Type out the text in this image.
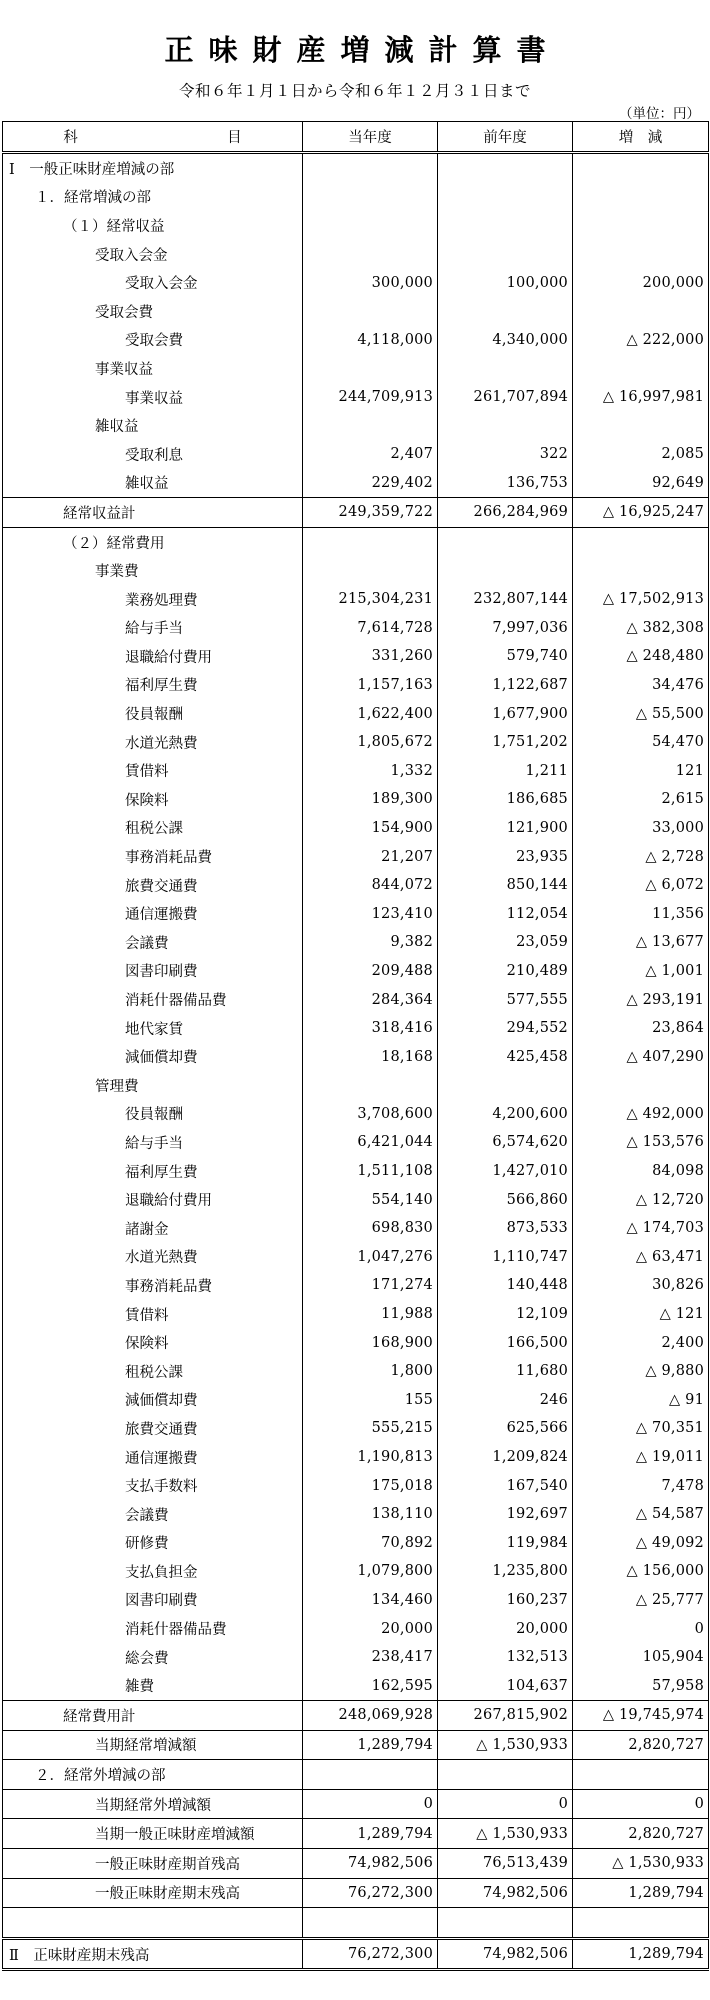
正味財産増減計算書
令和６年１月１日から令和６年１２月３１日まで
（単位：円）
科 目	当年度	前年度	増　減
Ⅰ　一般正味財産増減の部			
１．経常増減の部			
（１）経常収益			
受取入会金			
受取入会金	300,000	100,000	200,000
受取会費			
受取会費	4,118,000	4,340,000	△ 222,000
事業収益			
事業収益	244,709,913	261,707,894	△ 16,997,981
雑収益			
受取利息	2,407	322	2,085
雑収益	229,402	136,753	92,649
経常収益計	249,359,722	266,284,969	△ 16,925,247
（２）経常費用			
事業費			
業務処理費	215,304,231	232,807,144	△ 17,502,913
給与手当	7,614,728	7,997,036	△ 382,308
退職給付費用	331,260	579,740	△ 248,480
福利厚生費	1,157,163	1,122,687	34,476
役員報酬	1,622,400	1,677,900	△ 55,500
水道光熱費	1,805,672	1,751,202	54,470
賃借料	1,332	1,211	121
保険料	189,300	186,685	2,615
租税公課	154,900	121,900	33,000
事務消耗品費	21,207	23,935	△ 2,728
旅費交通費	844,072	850,144	△ 6,072
通信運搬費	123,410	112,054	11,356
会議費	9,382	23,059	△ 13,677
図書印刷費	209,488	210,489	△ 1,001
消耗什器備品費	284,364	577,555	△ 293,191
地代家賃	318,416	294,552	23,864
減価償却費	18,168	425,458	△ 407,290
管理費			
役員報酬	3,708,600	4,200,600	△ 492,000
給与手当	6,421,044	6,574,620	△ 153,576
福利厚生費	1,511,108	1,427,010	84,098
退職給付費用	554,140	566,860	△ 12,720
諸謝金	698,830	873,533	△ 174,703
水道光熱費	1,047,276	1,110,747	△ 63,471
事務消耗品費	171,274	140,448	30,826
賃借料	11,988	12,109	△ 121
保険料	168,900	166,500	2,400
租税公課	1,800	11,680	△ 9,880
減価償却費	155	246	△ 91
旅費交通費	555,215	625,566	△ 70,351
通信運搬費	1,190,813	1,209,824	△ 19,011
支払手数料	175,018	167,540	7,478
会議費	138,110	192,697	△ 54,587
研修費	70,892	119,984	△ 49,092
支払負担金	1,079,800	1,235,800	△ 156,000
図書印刷費	134,460	160,237	△ 25,777
消耗什器備品費	20,000	20,000	0
総会費	238,417	132,513	105,904
雑費	162,595	104,637	57,958
経常費用計	248,069,928	267,815,902	△ 19,745,974
当期経常増減額	1,289,794	△ 1,530,933	2,820,727
２．経常外増減の部			
当期経常外増減額	0	0	0
当期一般正味財産増減額	1,289,794	△ 1,530,933	2,820,727
一般正味財産期首残高	74,982,506	76,513,439	△ 1,530,933
一般正味財産期末残高	76,272,300	74,982,506	1,289,794

Ⅱ　正味財産期末残高	76,272,300	74,982,506	1,289,794
